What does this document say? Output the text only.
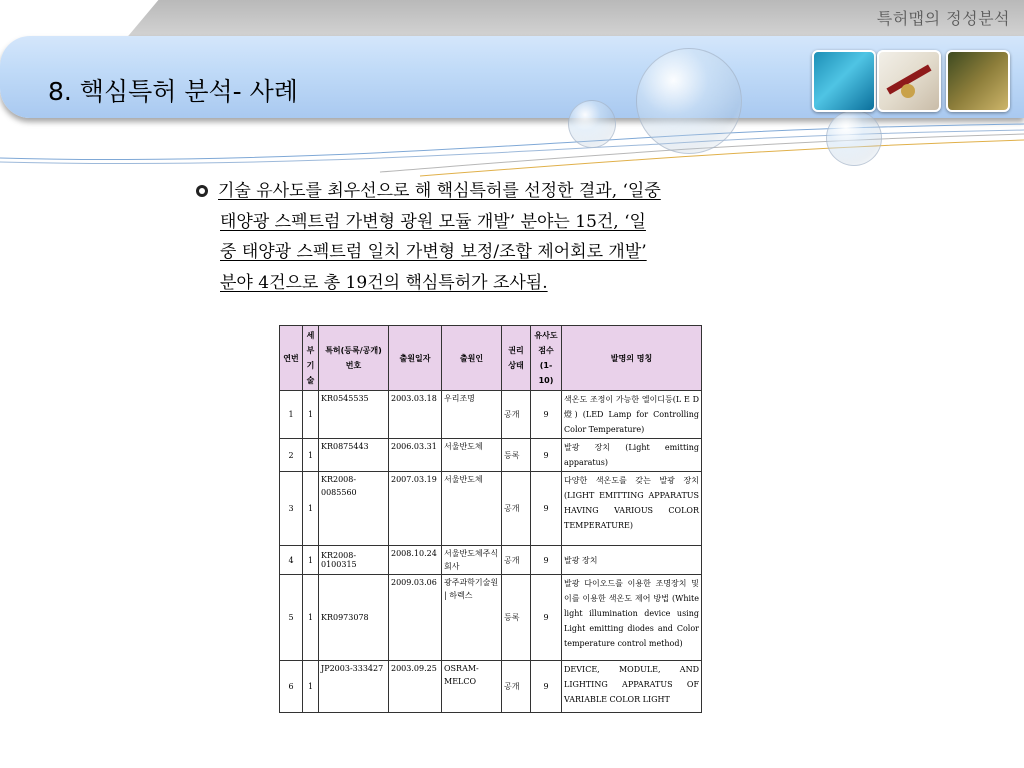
특허맵의 정성분석
8. 핵심특허 분석- 사례
기술 유사도를 최우선으로 해 핵심특허를 선정한 결과, ‘일중
태양광 스펙트럼 가변형 광원 모듈 개발’ 분야는 15건, ‘일
중 태양광 스펙트럼 일치 가변형 보정/조합 제어회로 개발’
분야 4건으로 총 19건의 핵심특허가 조사됨.
연번	세부기술	특허(등록/공개) 번호	출원일자	출원인	권리 상태	유사도 점수 (1-10)	발명의 명칭
1	1	KR0545535	2003.03.18	우리조명	공개	9	색온도 조정이 가능한 엘이디등(L E D 燈) (LED Lamp for Controlling Color Temperature)
2	1	KR0875443	2006.03.31	서울반도체	등록	9	발광 장치 (Light emitting apparatus)
3	1	KR2008-0085560	2007.03.19	서울반도체	공개	9	다양한 색온도를 갖는 발광 장치 (LIGHT EMITTING APPARATUS HAVING VARIOUS COLOR TEMPERATURE)
4	1	KR2008-0100315	2008.10.24	서울반도체주식회사	공개	9	발광 장치
5	1	KR0973078	2009.03.06	광주과학기술원 | 하렉스	등록	9	발광 다이오드를 이용한 조명장치 및 이를 이용한 색온도 제어 방법 (White light illumination device using Light emitting diodes and Color temperature control method)
6	1	JP2003-333427	2003.09.25	OSRAM-MELCO	공개	9	DEVICE, MODULE, AND LIGHTING APPARATUS OF VARIABLE COLOR LIGHT
